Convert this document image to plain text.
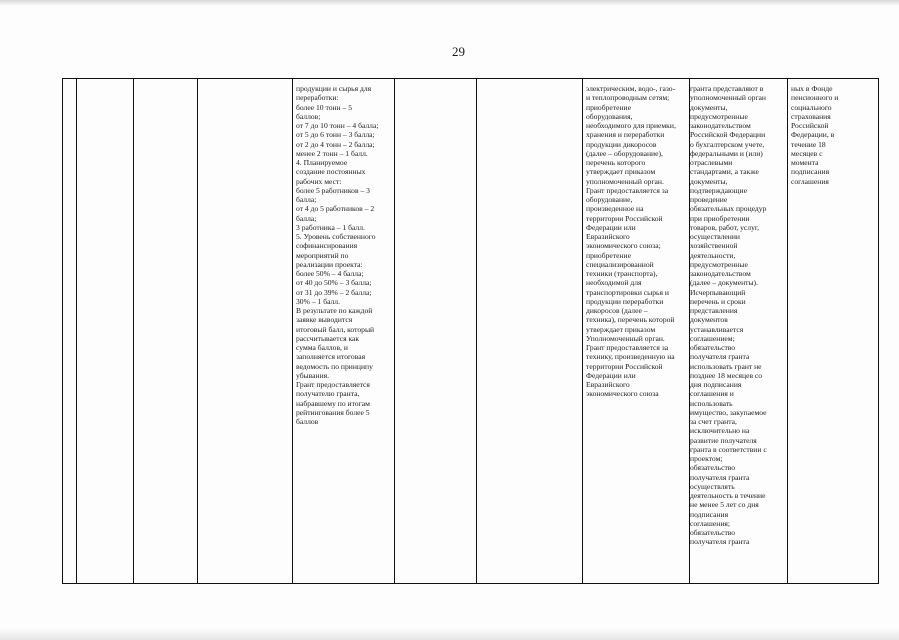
29

продукции и сырья для

переработки:

более 10 тонн – 5

баллов;

от 7 до 10 тонн – 4 балла;

от 5 до 6 тонн – 3 балла;

от 2 до 4 тонн – 2 балла;

менее 2 тонн – 1 балл.

4. Планируемое

создание постоянных

рабочих мест:

более 5 работников – 3

балла;

от 4 до 5 работников – 2

балла;

3 работника – 1 балл.

5. Уровень собственного

софинансирования

мероприятий по

реализации проекта:

более 50% – 4 балла;

от 40 до 50% – 3 балла;

от 31 до 39% – 2 балла;

30% – 1 балл.

В результате по каждой

заявке выводится

итоговый балл, который

рассчитывается как

сумма баллов, и

заполняется итоговая

ведомость по принципу

убывания.

Грант предоставляется

получателю гранта,

набравшему по итогам

рейтингования более 5

баллов

электрическим, водо-, газо-

и теплопроводным сетям;

приобретение

оборудования,

необходимого для приемки,

хранения и переработки

продукции дикоросов

(далее – оборудование),

перечень которого

утверждает приказом

уполномоченный орган.

Грант предоставляется за

оборудование,

произведенное на

территории Российской

Федерации или

Евразийского

экономического союза;

приобретение

специализированной

техники (транспорта),

необходимой для

транспортировки сырья и

продукции переработки

дикоросов (далее –

техника), перечень которой

утверждает приказом

Уполномоченный орган.

Грант предоставляется за

технику, произведенную на

территории Российской

Федерации или

Евразийского

экономического союза

гранта представляют в

уполномоченный орган

документы,

предусмотренные

законодательством

Российской Федерации

о бухгалтерском учете,

федеральными и (или)

отраслевыми

стандартами, а также

документы,

подтверждающие

проведение

обязательных процедур

при приобретении

товаров, работ, услуг,

осуществлении

хозяйственной

деятельности,

предусмотренные

законодательством

(далее – документы).

Исчерпывающий

перечень и сроки

представления

документов

устанавливается

соглашением;

обязательство

получателя гранта

использовать грант не

позднее 18 месяцев со

дня подписания

соглашения и

использовать

имущество, закупаемое

за счет гранта,

исключительно на

развитие получателя

гранта в соответствии с

проектом;

обязательство

получателя гранта

осуществлять

деятельность в течение

не менее 5 лет со дня

подписания

соглашения;

обязательство

получателя гранта

ных в Фонде

пенсионного и

социального

страхования

Российской

Федерации, в

течение 18

месяцев с

момента

подписания

соглашения
